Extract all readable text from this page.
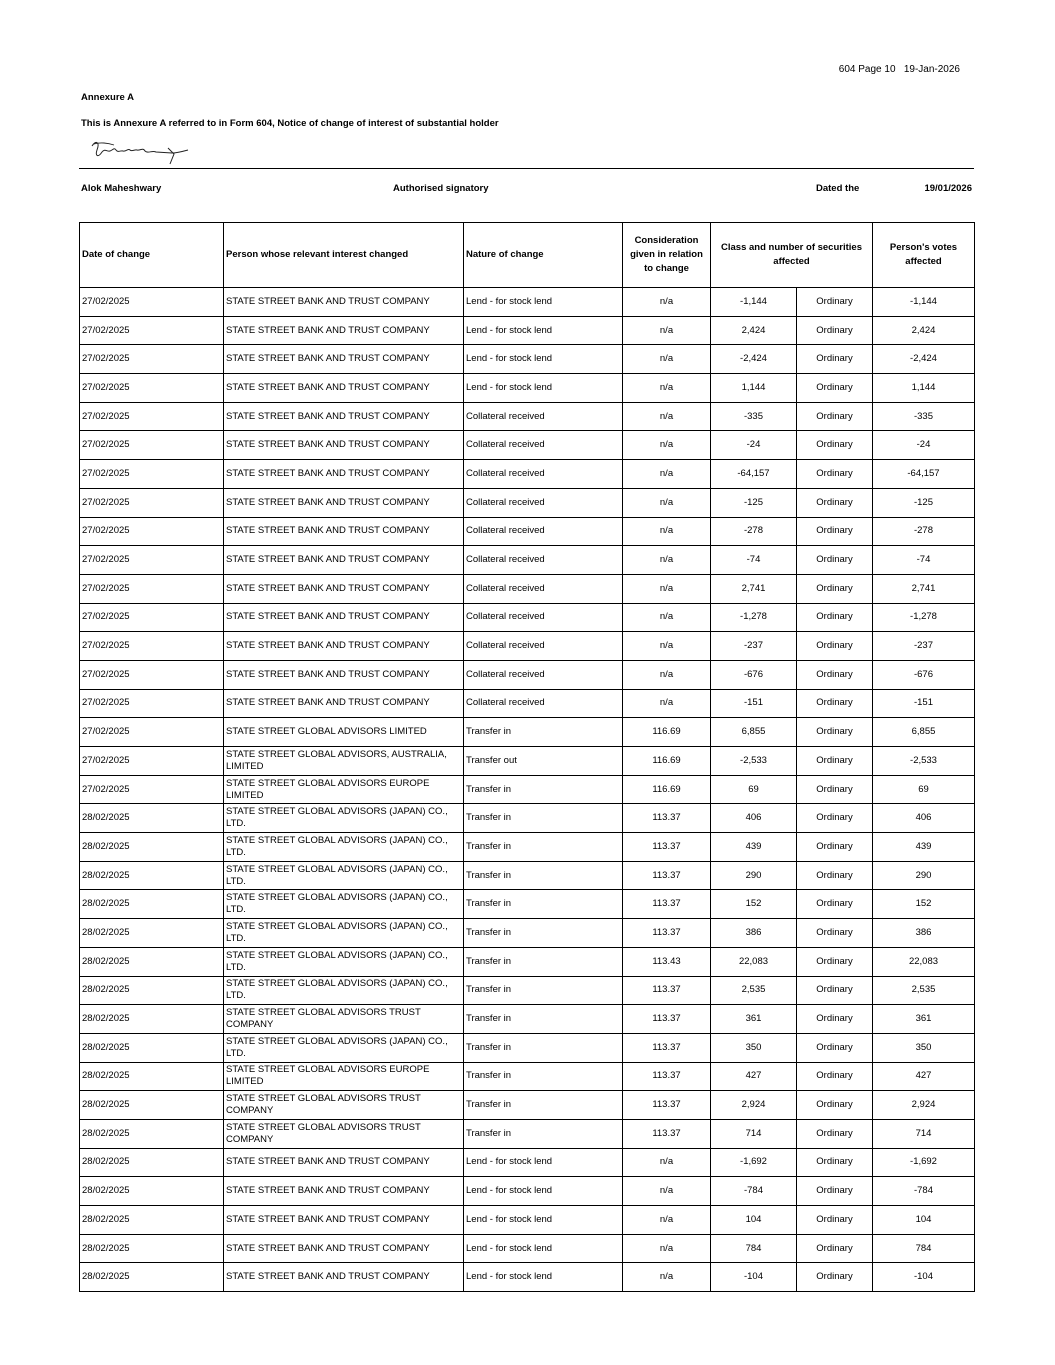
604 Page 10 19-Jan-2026
Annexure A
This is Annexure A referred to in Form 604, Notice of change of interest of substantial holder
Alok Maheshwary	Authorised signatory	Dated the	19/01/2026
Date of change	Person whose relevant interest changed	Nature of change	Consideration given in relation to change	Class and number of securities affected		Person's votes affected
27/02/2025	STATE STREET BANK AND TRUST COMPANY	Lend - for stock lend	n/a	-1,144	Ordinary	-1,144
27/02/2025	STATE STREET BANK AND TRUST COMPANY	Lend - for stock lend	n/a	2,424	Ordinary	2,424
27/02/2025	STATE STREET BANK AND TRUST COMPANY	Lend - for stock lend	n/a	-2,424	Ordinary	-2,424
27/02/2025	STATE STREET BANK AND TRUST COMPANY	Lend - for stock lend	n/a	1,144	Ordinary	1,144
27/02/2025	STATE STREET BANK AND TRUST COMPANY	Collateral received	n/a	-335	Ordinary	-335
27/02/2025	STATE STREET BANK AND TRUST COMPANY	Collateral received	n/a	-24	Ordinary	-24
27/02/2025	STATE STREET BANK AND TRUST COMPANY	Collateral received	n/a	-64,157	Ordinary	-64,157
27/02/2025	STATE STREET BANK AND TRUST COMPANY	Collateral received	n/a	-125	Ordinary	-125
27/02/2025	STATE STREET BANK AND TRUST COMPANY	Collateral received	n/a	-278	Ordinary	-278
27/02/2025	STATE STREET BANK AND TRUST COMPANY	Collateral received	n/a	-74	Ordinary	-74
27/02/2025	STATE STREET BANK AND TRUST COMPANY	Collateral received	n/a	2,741	Ordinary	2,741
27/02/2025	STATE STREET BANK AND TRUST COMPANY	Collateral received	n/a	-1,278	Ordinary	-1,278
27/02/2025	STATE STREET BANK AND TRUST COMPANY	Collateral received	n/a	-237	Ordinary	-237
27/02/2025	STATE STREET BANK AND TRUST COMPANY	Collateral received	n/a	-676	Ordinary	-676
27/02/2025	STATE STREET BANK AND TRUST COMPANY	Collateral received	n/a	-151	Ordinary	-151
27/02/2025	STATE STREET GLOBAL ADVISORS LIMITED	Transfer in	116.69	6,855	Ordinary	6,855
27/02/2025	STATE STREET GLOBAL ADVISORS, AUSTRALIA, LIMITED	Transfer out	116.69	-2,533	Ordinary	-2,533
27/02/2025	STATE STREET GLOBAL ADVISORS EUROPE LIMITED	Transfer in	116.69	69	Ordinary	69
28/02/2025	STATE STREET GLOBAL ADVISORS (JAPAN) CO., LTD.	Transfer in	113.37	406	Ordinary	406
28/02/2025	STATE STREET GLOBAL ADVISORS (JAPAN) CO., LTD.	Transfer in	113.37	439	Ordinary	439
28/02/2025	STATE STREET GLOBAL ADVISORS (JAPAN) CO., LTD.	Transfer in	113.37	290	Ordinary	290
28/02/2025	STATE STREET GLOBAL ADVISORS (JAPAN) CO., LTD.	Transfer in	113.37	152	Ordinary	152
28/02/2025	STATE STREET GLOBAL ADVISORS (JAPAN) CO., LTD.	Transfer in	113.37	386	Ordinary	386
28/02/2025	STATE STREET GLOBAL ADVISORS (JAPAN) CO., LTD.	Transfer in	113.43	22,083	Ordinary	22,083
28/02/2025	STATE STREET GLOBAL ADVISORS (JAPAN) CO., LTD.	Transfer in	113.37	2,535	Ordinary	2,535
28/02/2025	STATE STREET GLOBAL ADVISORS TRUST COMPANY	Transfer in	113.37	361	Ordinary	361
28/02/2025	STATE STREET GLOBAL ADVISORS (JAPAN) CO., LTD.	Transfer in	113.37	350	Ordinary	350
28/02/2025	STATE STREET GLOBAL ADVISORS EUROPE LIMITED	Transfer in	113.37	427	Ordinary	427
28/02/2025	STATE STREET GLOBAL ADVISORS TRUST COMPANY	Transfer in	113.37	2,924	Ordinary	2,924
28/02/2025	STATE STREET GLOBAL ADVISORS TRUST COMPANY	Transfer in	113.37	714	Ordinary	714
28/02/2025	STATE STREET BANK AND TRUST COMPANY	Lend - for stock lend	n/a	-1,692	Ordinary	-1,692
28/02/2025	STATE STREET BANK AND TRUST COMPANY	Lend - for stock lend	n/a	-784	Ordinary	-784
28/02/2025	STATE STREET BANK AND TRUST COMPANY	Lend - for stock lend	n/a	104	Ordinary	104
28/02/2025	STATE STREET BANK AND TRUST COMPANY	Lend - for stock lend	n/a	784	Ordinary	784
28/02/2025	STATE STREET BANK AND TRUST COMPANY	Lend - for stock lend	n/a	-104	Ordinary	-104
